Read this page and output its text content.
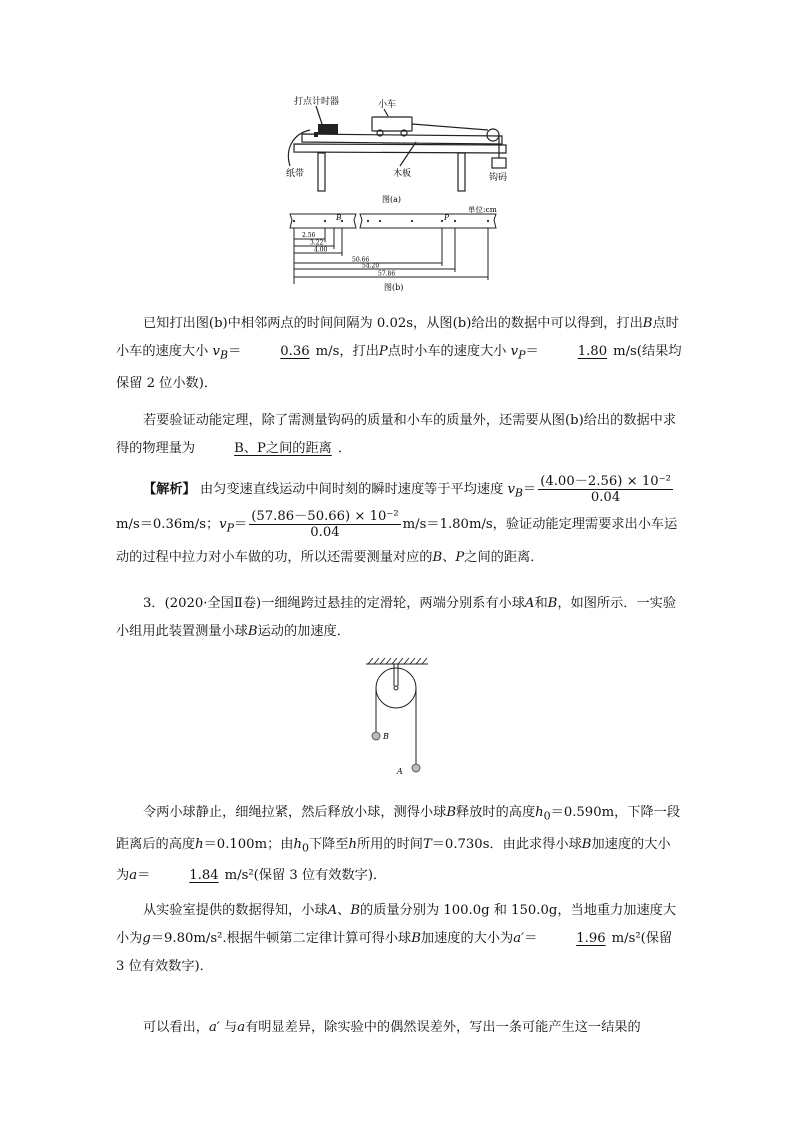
打点计时器	小车
纸带	木板	钩码
图(a)
单位:cm
B	P
2.56
3.22
4.00
50.66
54.20
57.86
图(b)
已知打出图(b)中相邻两点的时间间隔为 0.02s，从图(b)给出的数据中可以得到，打出B点时小车的速度大小 $v_B=$	0.36 m/s，打出P点时小车的速度大小 $v_P=$	1.80 m/s(结果均保留 2 位小数)．
若要验证动能定理，除了需测量钩码的质量和小车的质量外，还需要从图(b)给出的数据中求得的物理量为	B、P之间的距离 ．
【解析】 由匀变速直线运动中间时刻的瞬时速度等于平均速度 $v_B= \frac{\text{(4.00－2.56) × 10⁻²}}{0.04}$
m/s＝0.36m/s；$v_P= \frac{\text{(57.86－50.66) × 10⁻²}}{0.04} m/s=1.80m/s$，验证动能定理需要求出小车运动的过程中拉力对小车做的功，所以还需要测量对应的B、P之间的距离．
3．(2020·全国Ⅱ卷)一细绳跨过悬挂的定滑轮，两端分别系有小球A和B，如图所示．一实验小组用此装置测量小球B运动的加速度．
B
A
令两小球静止，细绳拉紧，然后释放小球，测得小球B释放时的高度$h_0=0.590m$，下降一段距离后的高度h＝0.100m；由$h_0$下降至h所用的时间T＝0.730s．由此求得小球B加速度的大小为a＝	1.84 m/s²(保留 3 位有效数字)．
从实验室提供的数据得知，小球A、B的质量分别为 100.0g 和 150.0g，当地重力加速度大小为g＝9.80m/s².根据牛顿第二定律计算可得小球B加速度的大小为a′＝	1.96 m/s²(保留 3 位有效数字)．
可以看出，a′ 与a有明显差异，除实验中的偶然误差外，写出一条可能产生这一结果的
